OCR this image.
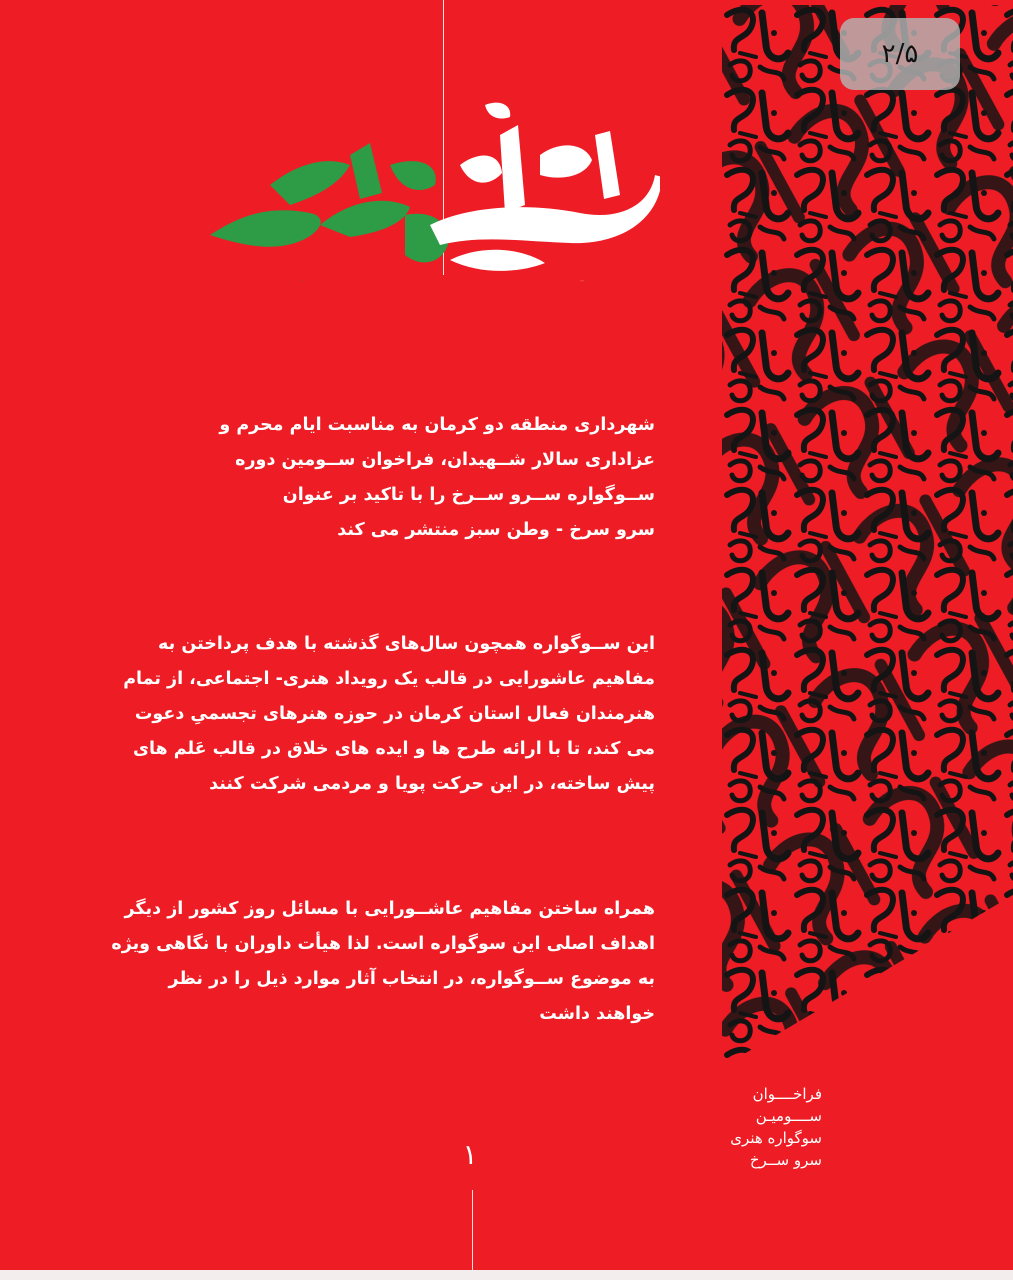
سرو سرخ
وطن سبز
شهرداری منطقه دو کرمان به مناسبت ایام محرم و
عزاداری سالار شــهیدان، فراخوان ســومین دوره
ســوگواره ســرو ســرخ را با تاکید بر عنوان
سرو سرخ - وطن سبز منتشر می کند
این ســوگواره همچون سال‌های گذشته با هدف پرداختن به
مفاهیم عاشورایی در قالب یک رویداد هنری- اجتماعی، از تمام
هنرمندان فعال استان کرمان در حوزه هنرهای تجسمیِ دعوت
می کند، تا با ارائه طرح ها و ایده های خلاق در قالب عَلم های
پیش ساخته، در این حرکت پویا و مردمی شرکت کنند
همراه ساختن مفاهیم عاشــورایی با مسائل روز کشور از دیگر
اهداف اصلی این سوگواره است. لذا هیأت داوران با نگاهی ویژه
به موضوع ســوگواره، در انتخاب آثار موارد ذیل را در نظر
خواهند داشت
۱
فراخــــوان
ســــومیـن
سوگواره هنری
سرو ســرخ
۲/۵
